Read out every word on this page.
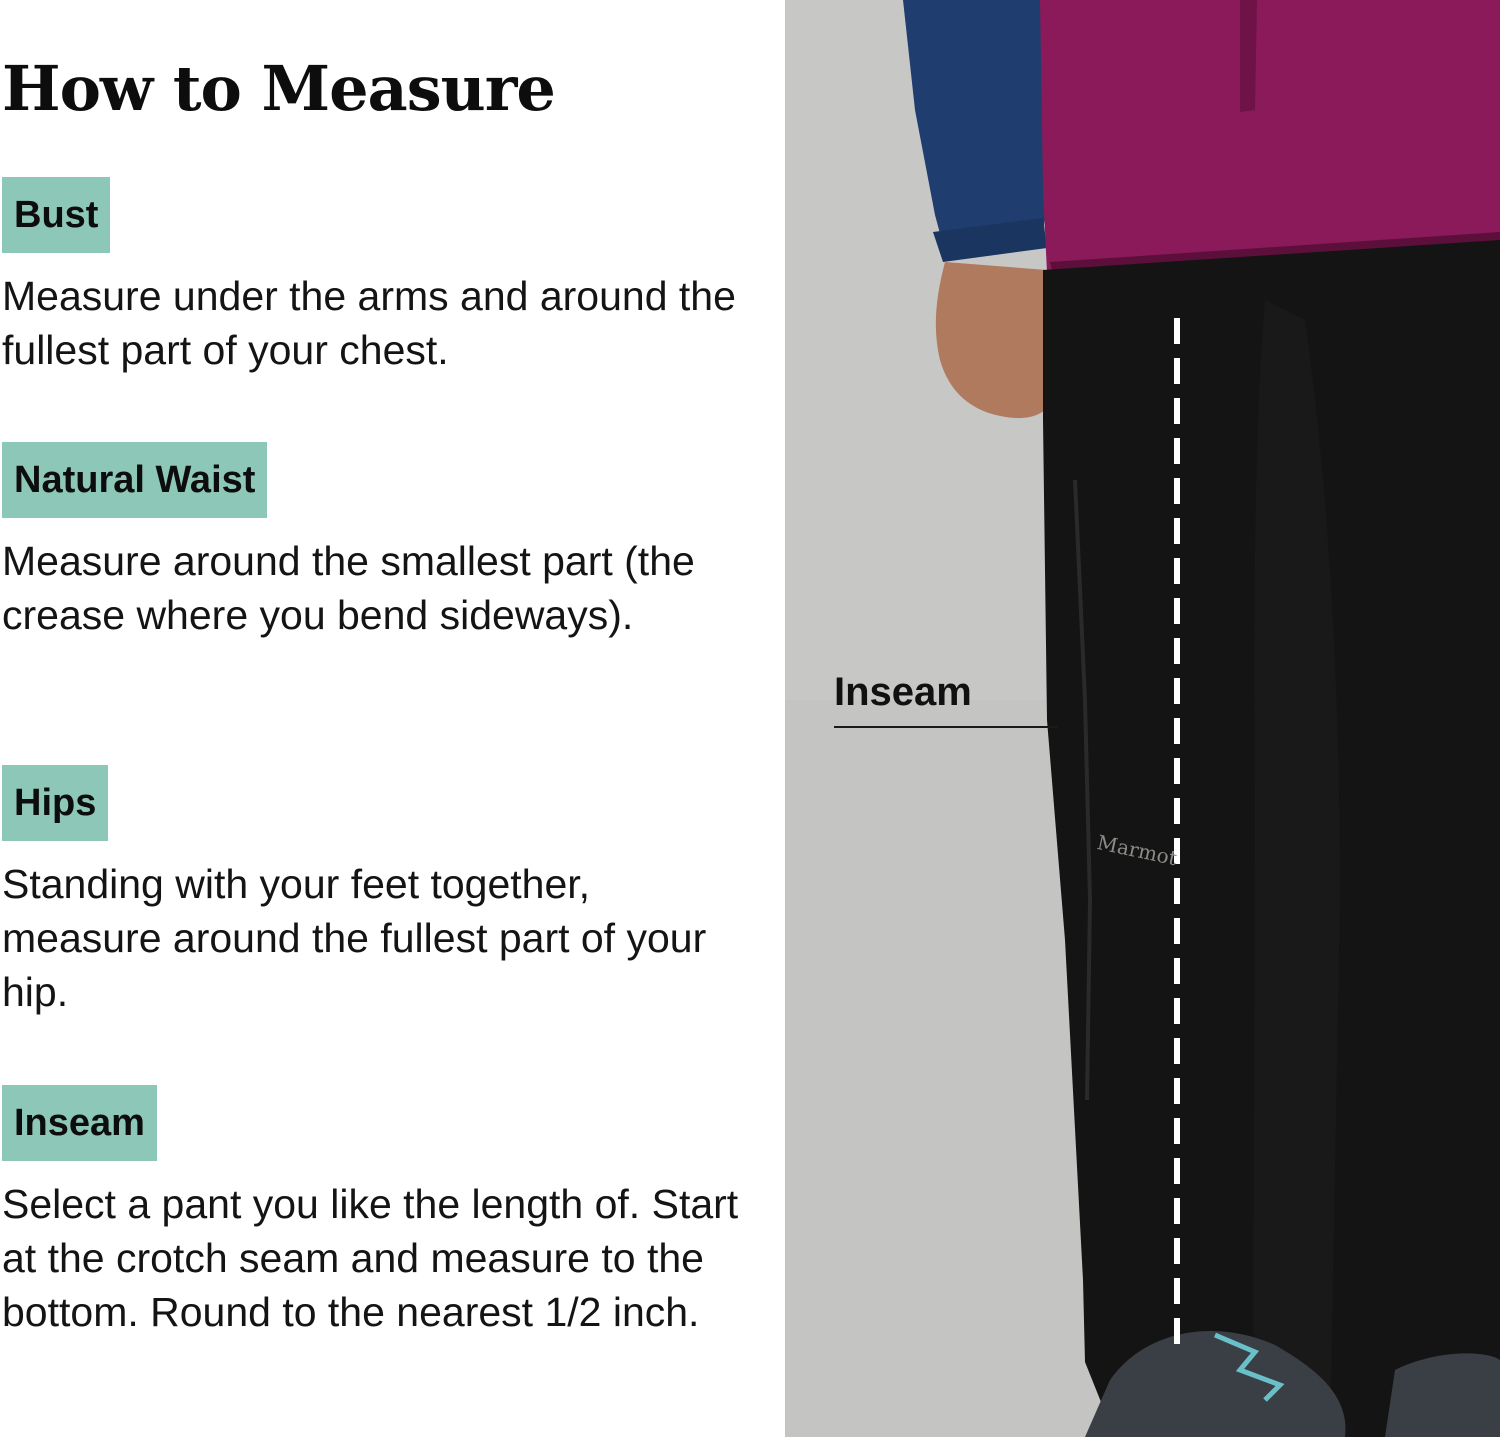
How to Measure
Bust

Measure under the arms and around the fullest part of your chest.

Natural Waist

Measure around the smallest part (the crease where you bend sideways).

Hips

Standing with your feet together, measure around the fullest part of your hip.

Inseam

Select a pant you like the length of. Start at the crotch seam and measure to the bottom. Round to the nearest 1/2 inch.

Inseam
Marmot
